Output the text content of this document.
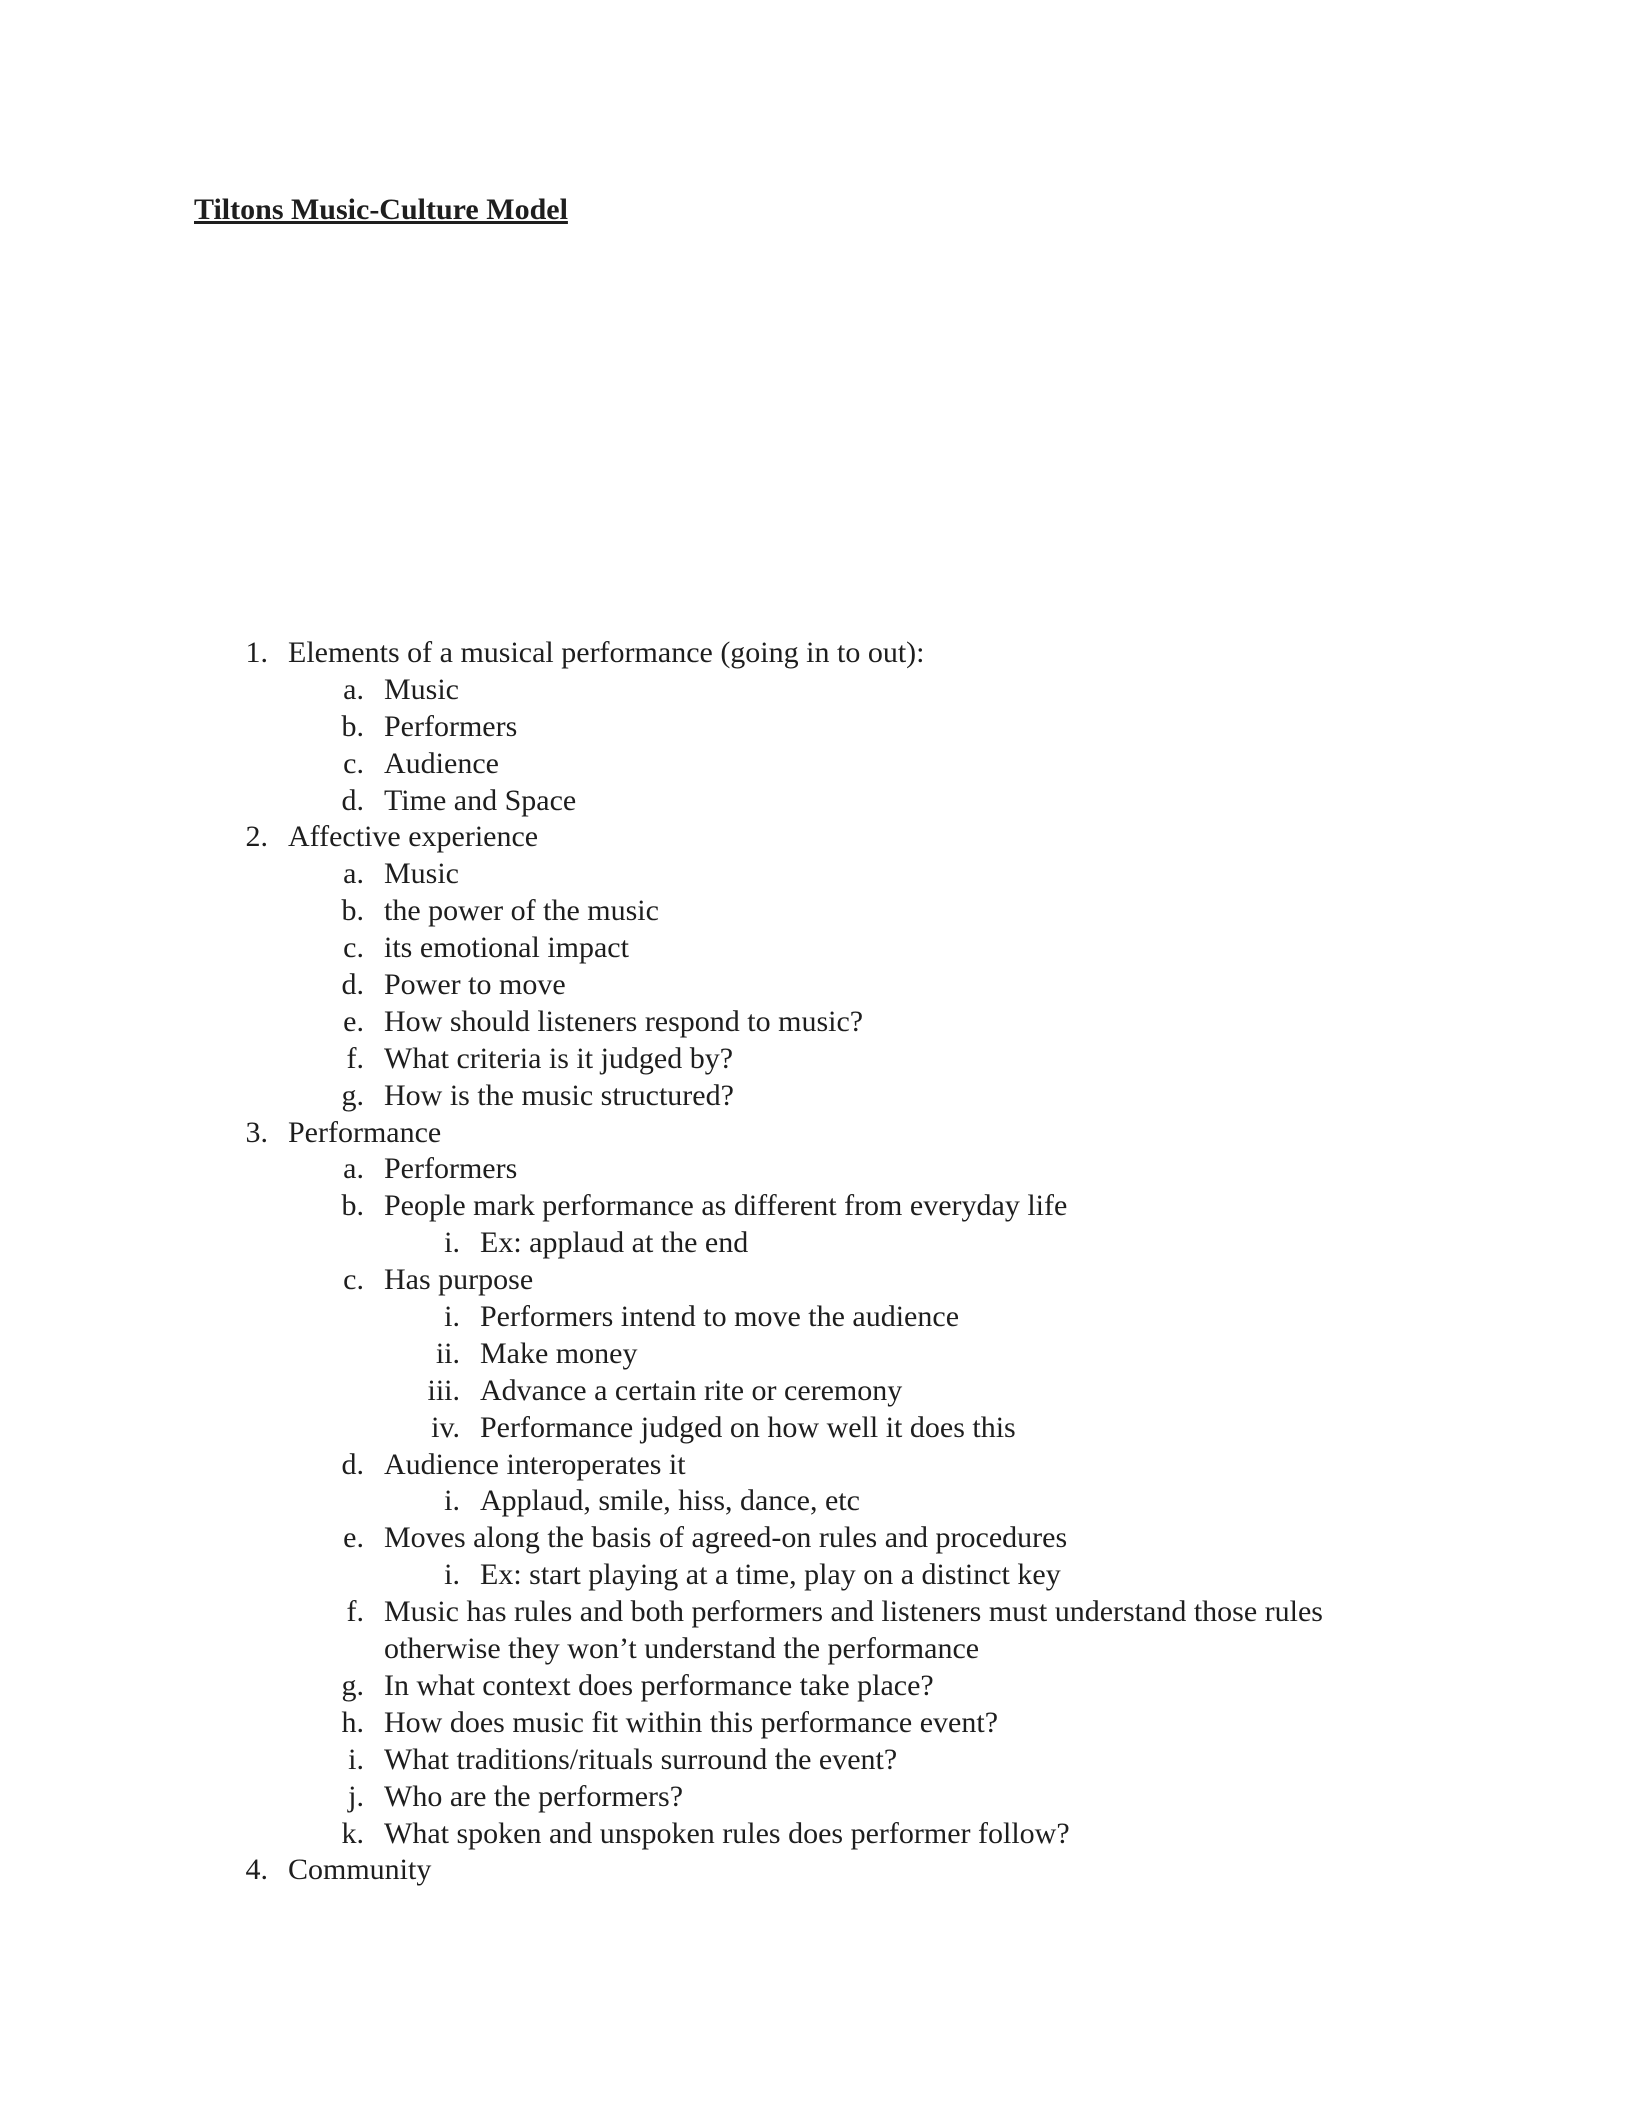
Tiltons Music-Culture Model
1. Elements of a musical performance (going in to out):
a. Music
b. Performers
c. Audience
d. Time and Space
2. Affective experience
a. Music
b. the power of the music
c. its emotional impact
d. Power to move
e. How should listeners respond to music?
f. What criteria is it judged by?
g. How is the music structured?
3. Performance
a. Performers
b. People mark performance as different from everyday life
i. Ex: applaud at the end
c. Has purpose
i. Performers intend to move the audience
ii. Make money
iii. Advance a certain rite or ceremony
iv. Performance judged on how well it does this
d. Audience interoperates it
i. Applaud, smile, hiss, dance, etc
e. Moves along the basis of agreed-on rules and procedures
i. Ex: start playing at a time, play on a distinct key
f. Music has rules and both performers and listeners must understand those rules
otherwise they won’t understand the performance
g. In what context does performance take place?
h. How does music fit within this performance event?
i. What traditions/rituals surround the event?
j. Who are the performers?
k. What spoken and unspoken rules does performer follow?
4. Community
